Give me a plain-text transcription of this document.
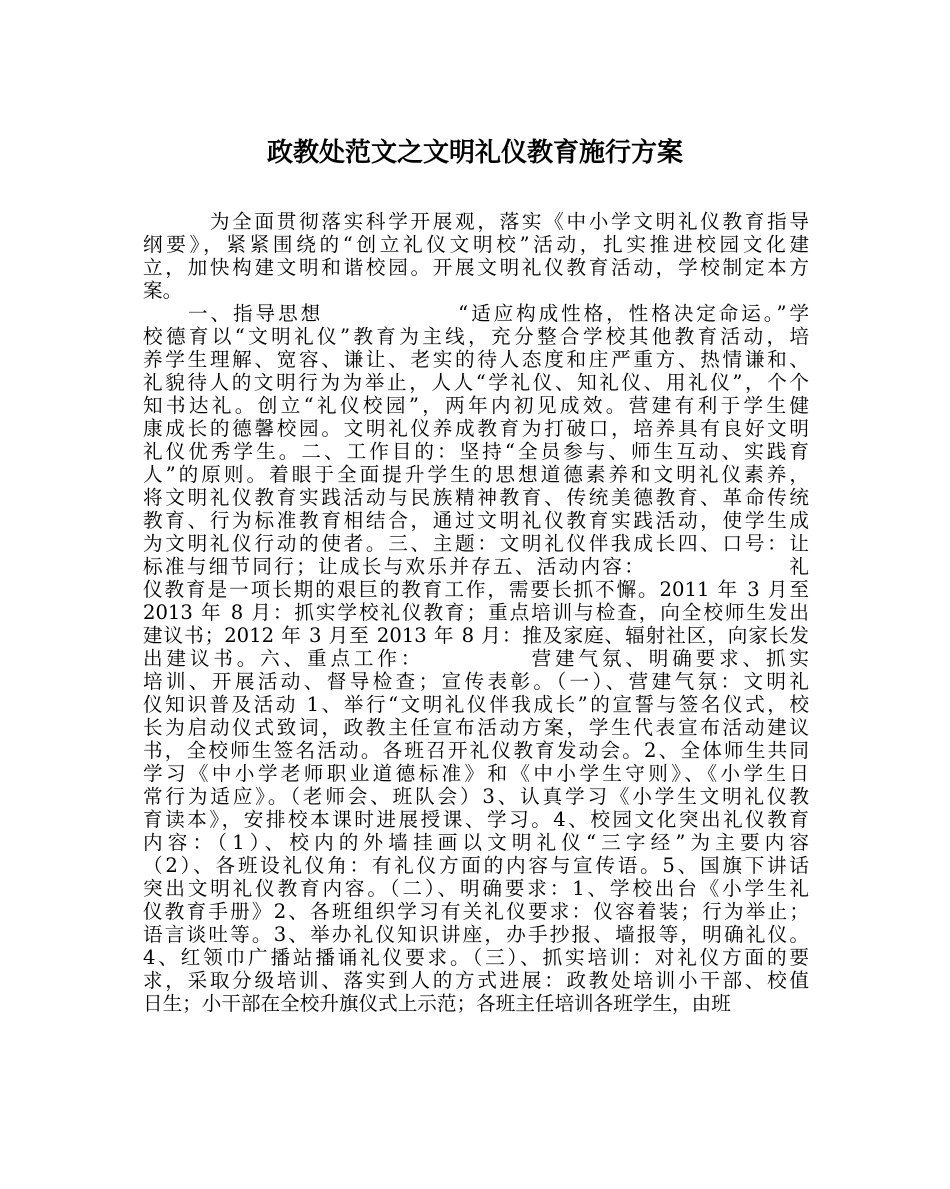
政教处范文之文明礼仪教育施行方案
　　　为全面贯彻落实科学开展观，落实《中小学文明礼仪教育指导
纲要》，紧紧围绕的“创立礼仪文明校”活动，扎实推进校园文化建
立，加快构建文明和谐校园。开展文明礼仪教育活动，学校制定本方
案。
　　一、指导思想　　　　　　“适应构成性格，性格决定命运。”学
校德育以“文明礼仪”教育为主线，充分整合学校其他教育活动，培
养学生理解、宽容、谦让、老实的待人态度和庄严重方、热情谦和、
礼貌待人的文明行为为举止，人人“学礼仪、知礼仪、用礼仪”，个个
知书达礼。创立“礼仪校园”，两年内初见成效。营建有利于学生健
康成长的德馨校园。文明礼仪养成教育为打破口，培养具有良好文明
礼仪优秀学生。二、工作目的：坚持“全员参与、师生互动、实践育
人”的原则。着眼于全面提升学生的思想道德素养和文明礼仪素养，
将文明礼仪教育实践活动与民族精神教育、传统美德教育、革命传统
教育、行为标准教育相结合，通过文明礼仪教育实践活动，使学生成
为文明礼仪行动的使者。三、主题：文明礼仪伴我成长四、口号：让
标准与细节同行；让成长与欢乐并存五、活动内容：　　　　　　　礼
仪教育是一项长期的艰巨的教育工作，需要长抓不懈。2011 年 3 月至
2013 年 8 月：抓实学校礼仪教育；重点培训与检查，向全校师生发出
建议书；2012 年 3 月至 2013 年 8 月：推及家庭、辐射社区，向家长发
出建议书。六、重点工作：　　　　　营建气氛、明确要求、抓实
培训、开展活动、督导检查；宣传表彰。（一）、营建气氛：文明礼
仪知识普及活动 1、举行“文明礼仪伴我成长”的宣誓与签名仪式，校
长为启动仪式致词，政教主任宣布活动方案，学生代表宣布活动建议
书，全校师生签名活动。各班召开礼仪教育发动会。2、全体师生共同
学习《中小学老师职业道德标准》和《中小学生守则》、《小学生日
常行为适应》。（老师会、班队会）3、认真学习《小学生文明礼仪教
育读本》，安排校本课时进展授课、学习。4、校园文化突出礼仪教育
内容：（1）、校内的外墙挂画以文明礼仪“三字经”为主要内容
（2）、各班设礼仪角：有礼仪方面的内容与宣传语。5、国旗下讲话
突出文明礼仪教育内容。（二）、明确要求：1、学校出台《小学生礼
仪教育手册》2、各班组织学习有关礼仪要求：仪容着装；行为举止；
语言谈吐等。3、举办礼仪知识讲座，办手抄报、墙报等，明确礼仪。
4、红领巾广播站播诵礼仪要求。（三）、抓实培训：对礼仪方面的要
求，采取分级培训、落实到人的方式进展：政教处培训小干部、校值
日生；小干部在全校升旗仪式上示范；各班主任培训各班学生，由班
